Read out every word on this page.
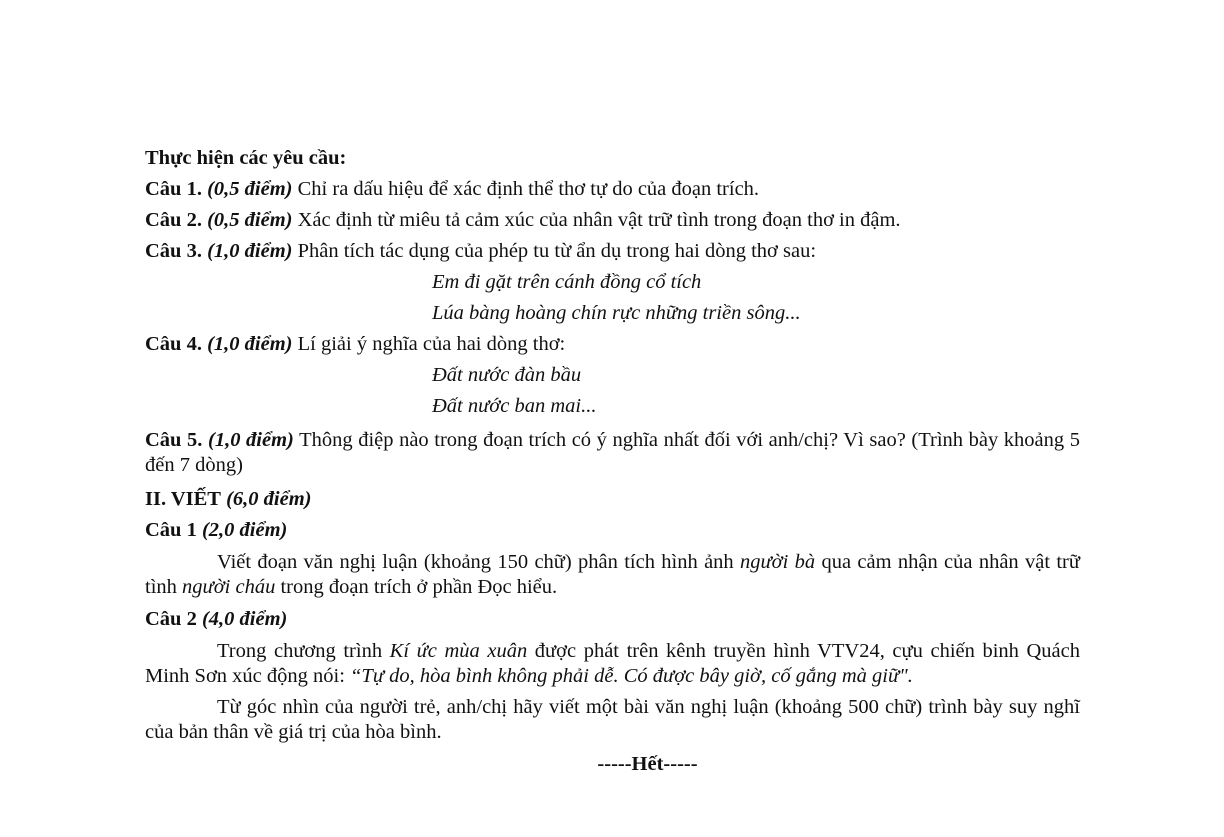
Thực hiện các yêu cầu:

Câu 1. (0,5 điểm) Chỉ ra dấu hiệu để xác định thể thơ tự do của đoạn trích.

Câu 2. (0,5 điểm) Xác định từ miêu tả cảm xúc của nhân vật trữ tình trong đoạn thơ in đậm.

Câu 3. (1,0 điểm) Phân tích tác dụng của phép tu từ ẩn dụ trong hai dòng thơ sau:

Em đi gặt trên cánh đồng cổ tích

Lúa bàng hoàng chín rực những triền sông...

Câu 4. (1,0 điểm) Lí giải ý nghĩa của hai dòng thơ:

Đất nước đàn bầu

Đất nước ban mai...

Câu 5. (1,0 điểm) Thông điệp nào trong đoạn trích có ý nghĩa nhất đối với anh/chị? Vì sao? (Trình bày khoảng 5 đến 7 dòng)

II. VIẾT (6,0 điểm)

Câu 1 (2,0 điểm)

Viết đoạn văn nghị luận (khoảng 150 chữ) phân tích hình ảnh người bà qua cảm nhận của nhân vật trữ tình người cháu trong đoạn trích ở phần Đọc hiểu.

Câu 2 (4,0 điểm)

Trong chương trình Kí ức mùa xuân được phát trên kênh truyền hình VTV24, cựu chiến binh Quách Minh Sơn xúc động nói: “Tự do, hòa bình không phải dễ. Có được bây giờ, cố gắng mà giữ".

Từ góc nhìn của người trẻ, anh/chị hãy viết một bài văn nghị luận (khoảng 500 chữ) trình bày suy nghĩ của bản thân về giá trị của hòa bình.

-----Hết-----
